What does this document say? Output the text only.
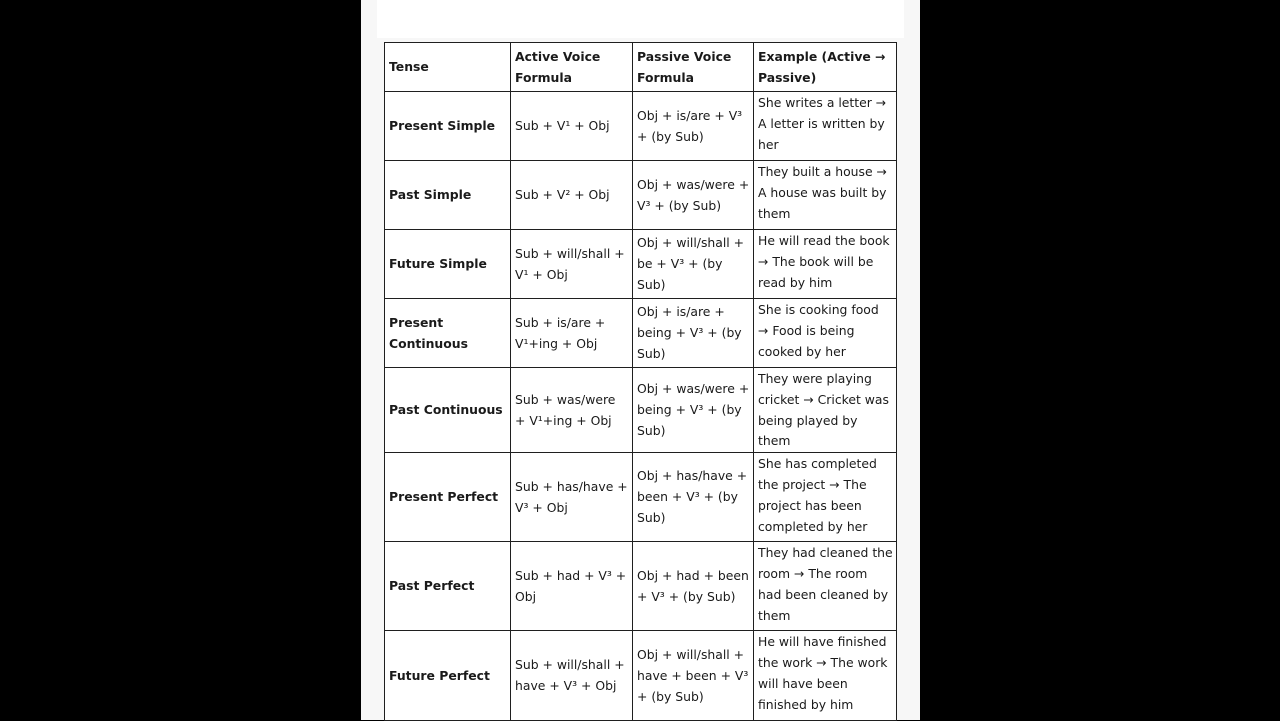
Tense	Active Voice Formula	Passive Voice Formula	Example (Active → Passive)
Present Simple	Sub + V¹ + Obj	Obj + is/are + V³ + (by Sub)	She writes a letter → A letter is written by her
Past Simple	Sub + V² + Obj	Obj + was/were + V³ + (by Sub)	They built a house → A house was built by them
Future Simple	Sub + will/shall + V¹ + Obj	Obj + will/shall + be + V³ + (by Sub)	He will read the book → The book will be read by him
Present Continuous	Sub + is/are + V¹+ing + Obj	Obj + is/are + being + V³ + (by Sub)	She is cooking food → Food is being cooked by her
Past Continuous	Sub + was/were + V¹+ing + Obj	Obj + was/were + being + V³ + (by Sub)	They were playing cricket → Cricket was being played by them
Present Perfect	Sub + has/have + V³ + Obj	Obj + has/have + been + V³ + (by Sub)	She has completed the project → The project has been completed by her
Past Perfect	Sub + had + V³ + Obj	Obj + had + been + V³ + (by Sub)	They had cleaned the room → The room had been cleaned by them
Future Perfect	Sub + will/shall + have + V³ + Obj	Obj + will/shall + have + been + V³ + (by Sub)	He will have finished the work → The work will have been finished by him
